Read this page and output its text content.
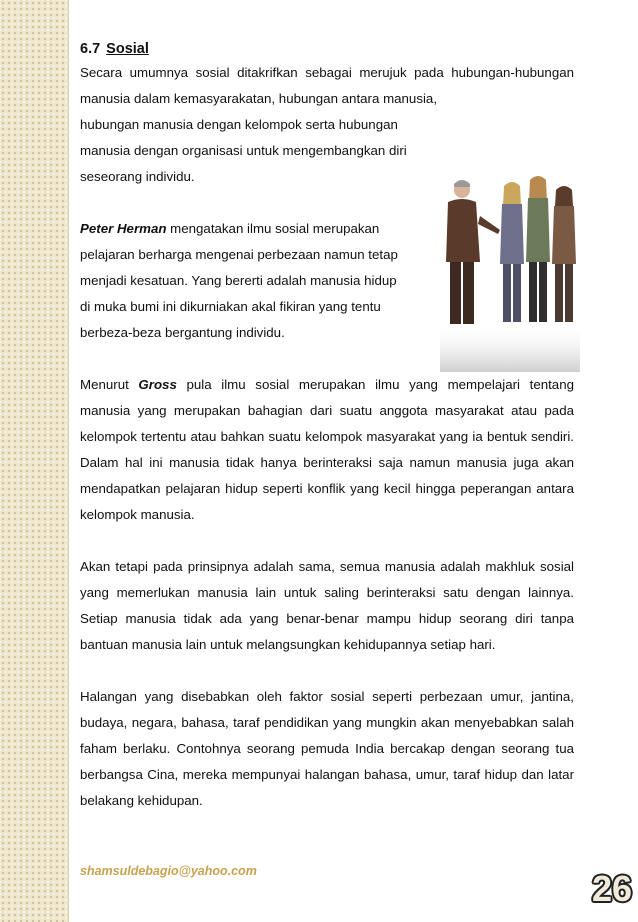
6.7 Sosial

Secara umumnya sosial ditakrifkan sebagai merujuk pada hubungan-hubungan manusia dalam kemasyarakatan, hubungan antara manusia,
hubungan manusia dengan kelompok serta hubungan
manusia dengan organisasi untuk mengembangkan diri
seseorang individu.

Peter Herman mengatakan ilmu sosial merupakan
pelajaran berharga mengenai perbezaan namun tetap
menjadi kesatuan. Yang bererti adalah manusia hidup
di muka bumi ini dikurniakan akal fikiran yang tentu
berbeza-beza bergantung individu.

Menurut Gross pula ilmu sosial merupakan ilmu yang mempelajari tentang manusia yang merupakan bahagian dari suatu anggota masyarakat atau pada kelompok tertentu atau bahkan suatu kelompok masyarakat yang ia bentuk sendiri. Dalam hal ini manusia tidak hanya berinteraksi saja namun manusia juga akan mendapatkan pelajaran hidup seperti konflik yang kecil hingga peperangan antara kelompok manusia.

Akan tetapi pada prinsipnya adalah sama, semua manusia adalah makhluk sosial yang memerlukan manusia lain untuk saling berinteraksi satu dengan lainnya. Setiap manusia tidak ada yang benar-benar mampu hidup seorang diri tanpa bantuan manusia lain untuk melangsungkan kehidupannya setiap hari.

Halangan yang disebabkan oleh faktor sosial seperti perbezaan umur, jantina, budaya, negara, bahasa, taraf pendidikan yang mungkin akan menyebabkan salah faham berlaku. Contohnya seorang pemuda India bercakap dengan seorang tua berbangsa Cina, mereka mempunyai halangan bahasa, umur, taraf hidup dan latar belakang kehidupan.

shamsuldebagio@yahoo.com	26
